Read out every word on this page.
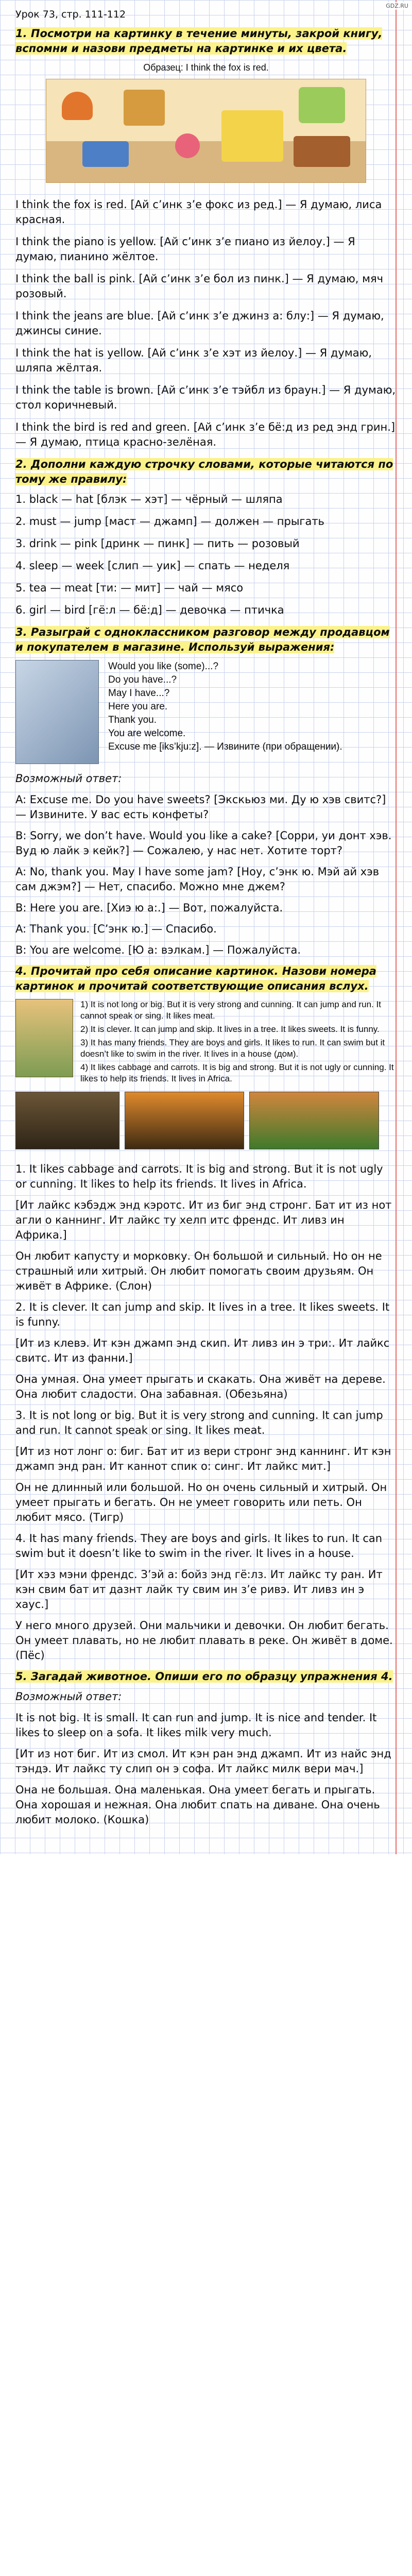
GDZ.RU
Урок 73, стр. 111-112
1. Посмотри на картинку в течение минуты, закрой книгу, вспомни и назови предметы на картинке и их цвета.
Образец: I think the fox is red.

I think the fox is red. [Ай с’инк з’е фокс из ред.] — Я думаю, лиса красная.

I think the piano is yellow. [Ай с’инк з’е пиано из йелоу.] — Я думаю, пианино жёлтое.

I think the ball is pink. [Ай с’инк з’е бол из пинк.] — Я думаю, мяч розовый.

I think the jeans are blue. [Ай с’инк з’е джинз а: блу:] — Я думаю, джинсы синие.

I think the hat is yellow. [Ай с’инк з’е хэт из йелоу.] — Я думаю, шляпа жёлтая.

I think the table is brown. [Ай с’инк з’е тэйбл из браун.] — Я думаю, стол коричневый.

I think the bird is red and green. [Ай с’инк з’е бё:д из ред энд грин.] — Я думаю, птица красно-зелёная.

2. Дополни каждую строчку словами, которые читаются по тому же правилу:

1. black — hat [блэк — хэт] — чёрный — шляпа

2. must — jump [маст — джамп] — должен — прыгать

3. drink — pink [дринк — пинк] — пить — розовый

4. sleep — week [слип — уик] — спать — неделя

5. tea — meat [ти: — мит] — чай — мясо

6. girl — bird [гё:л — бё:д] — девочка — птичка

3. Разыграй с одноклассником разговор между продавцом и покупателем в магазине. Используй выражения:
Would you like (some)...?
Do you have...?
May I have...?
Here you are.
Thank you.
You are welcome.
Excuse me [iks’kju:z]. — Извините (при обращении).

Возможный ответ:

A: Excuse me. Do you have sweets? [Экскьюз ми. Ду ю хэв свитс?] — Извините. У вас есть конфеты?

B: Sorry, we don’t have. Would you like a cake? [Сорри, уи донт хэв. Вуд ю лайк э кейк?] — Сожалею, у нас нет. Хотите торт?

A: No, thank you. May I have some jam? [Ноу, с’энк ю. Мэй ай хэв сам джэм?] — Нет, спасибо. Можно мне джем?

B: Here you are. [Хиэ ю а:.] — Вот, пожалуйста.

A: Thank you. [С’энк ю.] — Спасибо.

B: You are welcome. [Ю а: вэлкам.] — Пожалуйста.

4. Прочитай про себя описание картинок. Назови номера картинок и прочитай соответствующие описания вслух.
1) It is not long or big. But it is very strong and cunning. It can jump and run. It cannot speak or sing. It likes meat.
2) It is clever. It can jump and skip. It lives in a tree. It likes sweets. It is funny.
3) It has many friends. They are boys and girls. It likes to run. It can swim but it doesn’t like to swim in the river. It lives in a house (дом).
4) It likes cabbage and carrots. It is big and strong. But it is not ugly or cunning. It likes to help its friends. It lives in Africa.

1. It likes cabbage and carrots. It is big and strong. But it is not ugly or cunning. It likes to help its friends. It lives in Africa.

[Ит лайкс кэбэдж энд кэротс. Ит из биг энд стронг. Бат ит из нот агли о каннинг. Ит лайкс ту хелп итс френдс. Ит ливз ин Африка.]

Он любит капусту и морковку. Он большой и сильный. Но он не страшный или хитрый. Он любит помогать своим друзьям. Он живёт в Африке. (Слон)

2. It is clever. It can jump and skip. It lives in a tree. It likes sweets. It is funny.

[Ит из клевэ. Ит кэн джамп энд скип. Ит ливз ин э три:. Ит лайкс свитс. Ит из фанни.]

Она умная. Она умеет прыгать и скакать. Она живёт на дереве. Она любит сладости. Она забавная. (Обезьяна)

3. It is not long or big. But it is very strong and cunning. It can jump and run. It cannot speak or sing. It likes meat.

[Ит из нот лонг о: биг. Бат ит из вери стронг энд каннинг. Ит кэн джамп энд ран. Ит каннот спик о: синг. Ит лайкс мит.]

Он не длинный или большой. Но он очень сильный и хитрый. Он умеет прыгать и бегать. Он не умеет говорить или петь. Он любит мясо. (Тигр)

4. It has many friends. They are boys and girls. It likes to run. It can swim but it doesn’t like to swim in the river. It lives in a house.

[Ит хэз мэни френдс. З’эй а: бойз энд гё:лз. Ит лайкс ту ран. Ит кэн свим бат ит дазнт лайк ту свим ин з’е ривэ. Ит ливз ин э хаус.]

У него много друзей. Они мальчики и девочки. Он любит бегать. Он умеет плавать, но не любит плавать в реке. Он живёт в доме. (Пёс)

5. Загадай животное. Опиши его по образцу упражнения 4.

Возможный ответ:

It is not big. It is small. It can run and jump. It is nice and tender. It likes to sleep on a sofa. It likes milk very much.

[Ит из нот биг. Ит из смол. Ит кэн ран энд джамп. Ит из найс энд тэндэ. Ит лайкс ту слип он э софа. Ит лайкс милк вери мач.]

Она не большая. Она маленькая. Она умеет бегать и прыгать. Она хорошая и нежная. Она любит спать на диване. Она очень любит молоко. (Кошка)
